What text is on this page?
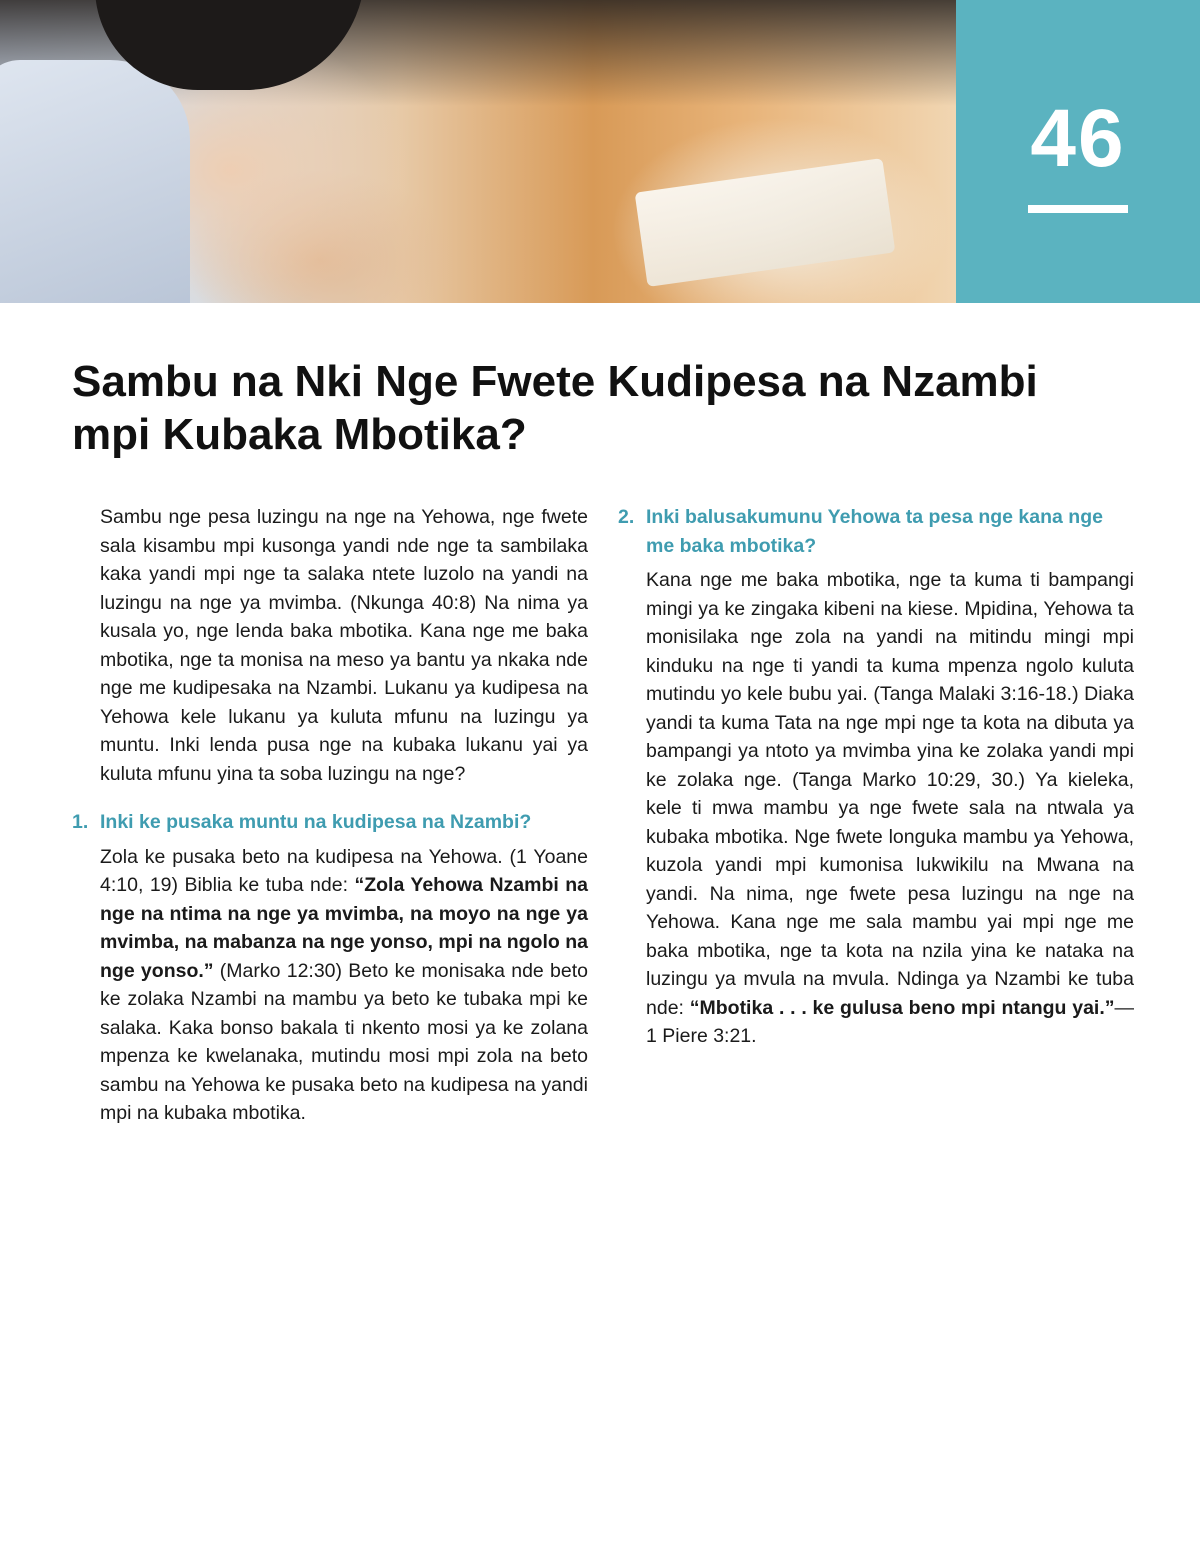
46
Sambu na Nki Nge Fwete Kudipesa na Nzambi mpi Kubaka Mbotika?

Sambu nge pesa luzingu na nge na Yehowa, nge fwete sala kisambu mpi kusonga yandi nde nge ta sambilaka kaka yandi mpi nge ta salaka ntete luzolo na yandi na luzingu na nge ya mvimba. (Nkunga 40:8) Na nima ya kusala yo, nge lenda baka mbotika. Kana nge me baka mbotika, nge ta monisa na meso ya bantu ya nkaka nde nge me kudipesaka na Nzambi. Lukanu ya kudipesa na Yehowa kele lukanu ya kuluta mfunu na luzingu ya muntu. Inki lenda pusa nge na kubaka lukanu yai ya kuluta mfunu yina ta soba luzingu na nge?

1. Inki ke pusaka muntu na kudipesa na Nzambi?

Zola ke pusaka beto na kudipesa na Yehowa. (1 Yoane 4:10, 19) Biblia ke tuba nde: “Zola Yehowa Nzambi na nge na ntima na nge ya mvimba, na moyo na nge ya mvimba, na mabanza na nge yonso, mpi na ngolo na nge yonso.” (Marko 12:30) Beto ke monisaka nde beto ke zolaka Nzambi na mambu ya beto ke tubaka mpi ke salaka. Kaka bonso bakala ti nkento mosi ya ke zolana mpenza ke kwelanaka, mutindu mosi mpi zola na beto sambu na Yehowa ke pusaka beto na kudipesa na yandi mpi na kubaka mbotika.

2. Inki balusakumunu Yehowa ta pesa nge kana nge me baka mbotika?

Kana nge me baka mbotika, nge ta kuma ti bampangi mingi ya ke zingaka kibeni na kiese. Mpidina, Yehowa ta monisilaka nge zola na yandi na mitindu mingi mpi kinduku na nge ti yandi ta kuma mpenza ngolo kuluta mutindu yo kele bubu yai. (Tanga Malaki 3:16-18.) Diaka yandi ta kuma Tata na nge mpi nge ta kota na dibuta ya bampangi ya ntoto ya mvimba yina ke zolaka yandi mpi ke zolaka nge. (Tanga Marko 10:29, 30.) Ya kieleka, kele ti mwa mambu ya nge fwete sala na ntwala ya kubaka mbotika. Nge fwete longuka mambu ya Yehowa, kuzola yandi mpi kumonisa lukwikilu na Mwana na yandi. Na nima, nge fwete pesa luzingu na nge na Yehowa. Kana nge me sala mambu yai mpi nge me baka mbotika, nge ta kota na nzila yina ke nataka na luzingu ya mvula na mvula. Ndinga ya Nzambi ke tuba nde: “Mbotika . . . ke gulusa beno mpi ntangu yai.”—1 Piere 3:21.
